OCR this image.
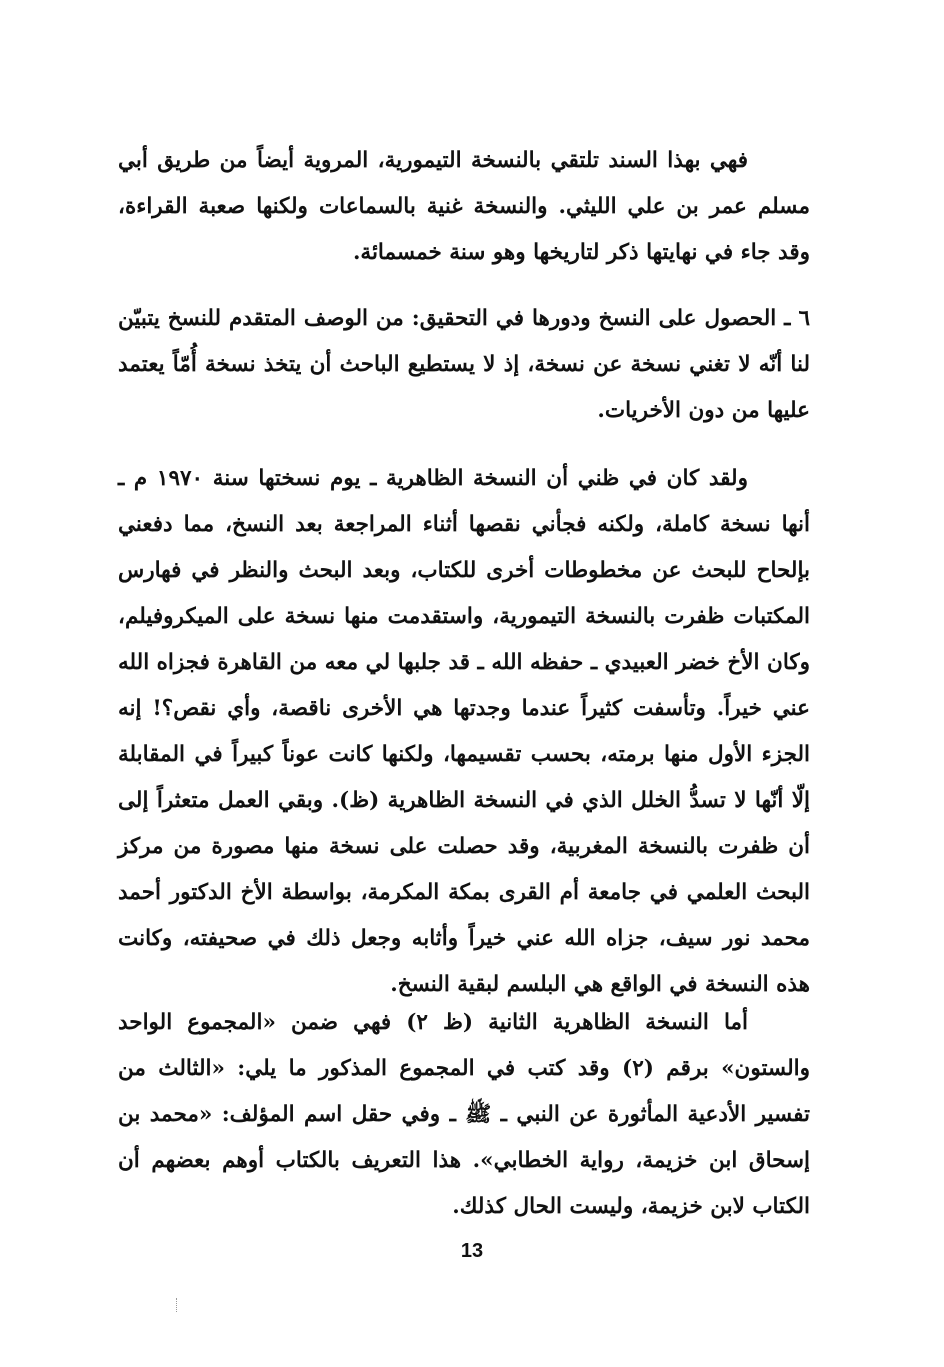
فهي بهذا السند تلتقي بالنسخة التيمورية، المروية أيضاً من طريق أبي مسلم عمر بن علي الليثي. والنسخة غنية بالسماعات ولكنها صعبة القراءة، وقد جاء في نهايتها ذكر لتاريخها وهو سنة خمسمائة.

٦ ـ الحصول على النسخ ودورها في التحقيق: من الوصف المتقدم للنسخ يتبيّن لنا أنّه لا تغني نسخة عن نسخة، إذ لا يستطيع الباحث أن يتخذ نسخة أُمّاً يعتمد عليها من دون الأخريات.

ولقد كان في ظني أن النسخة الظاهرية ـ يوم نسختها سنة ١٩٧٠ م ـ أنها نسخة كاملة، ولكنه فجأني نقصها أثناء المراجعة بعد النسخ، مما دفعني بإلحاح للبحث عن مخطوطات أخرى للكتاب، وبعد البحث والنظر في فهارس المكتبات ظفرت بالنسخة التيمورية، واستقدمت منها نسخة على الميكروفيلم، وكان الأخ خضر العبيدي ـ حفظه الله ـ قد جلبها لي معه من القاهرة فجزاه الله عني خيراً. وتأسفت كثيراً عندما وجدتها هي الأخرى ناقصة، وأي نقص؟! إنه الجزء الأول منها برمته، بحسب تقسيمها، ولكنها كانت عوناً كبيراً في المقابلة إلّا أنّها لا تسدُّ الخلل الذي في النسخة الظاهرية (ظ). وبقي العمل متعثراً إلى أن ظفرت بالنسخة المغربية، وقد حصلت على نسخة منها مصورة من مركز البحث العلمي في جامعة أم القرى بمكة المكرمة، بواسطة الأخ الدكتور أحمد محمد نور سيف، جزاه الله عني خيراً وأثابه وجعل ذلك في صحيفته، وكانت هذه النسخة في الواقع هي البلسم لبقية النسخ.

أما النسخة الظاهرية الثانية (ظ ٢) فهي ضمن «المجموع الواحد والستون» برقم (٢) وقد كتب في المجموع المذكور ما يلي: «الثالث من تفسير الأدعية المأثورة عن النبي ـ ﷺ ـ وفي حقل اسم المؤلف: «محمد بن إسحاق ابن خزيمة، رواية الخطابي». هذا التعريف بالكتاب أوهم بعضهم أن الكتاب لابن خزيمة، وليست الحال كذلك.

13
